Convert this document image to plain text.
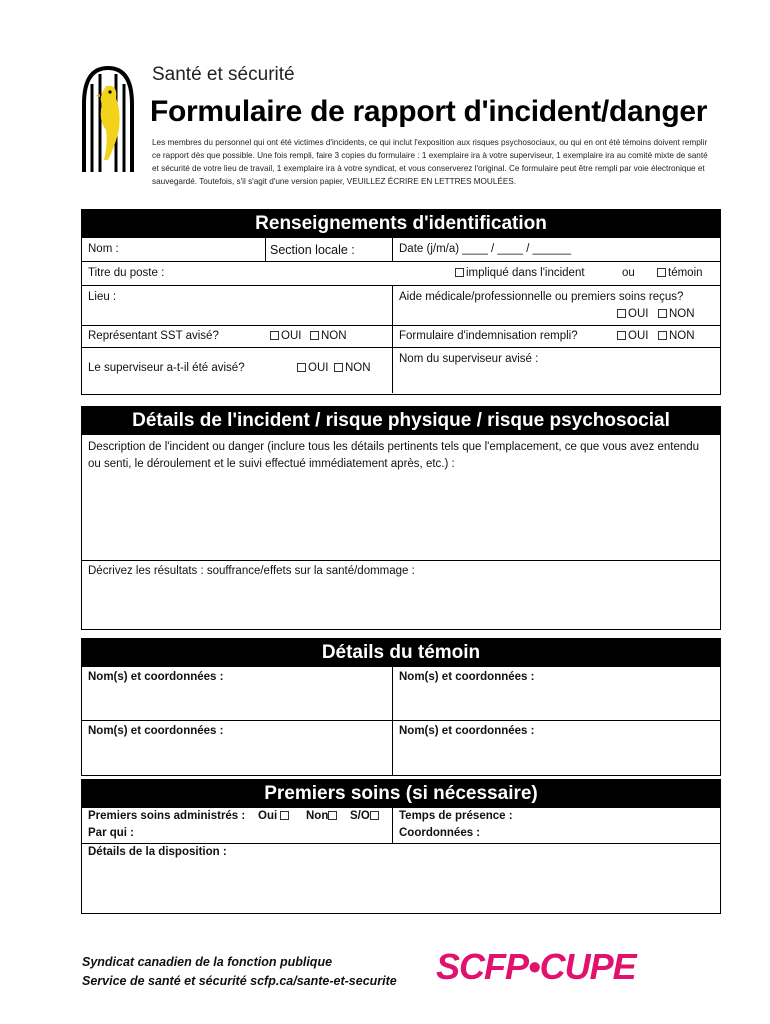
Santé et sécurité
Formulaire de rapport d'incident/danger
Les membres du personnel qui ont été victimes d'incidents, ce qui inclut l'exposition aux risques psychosociaux, ou qui en ont été témoins doivent remplir ce rapport dès que possible. Une fois rempli, faire 3 copies du formulaire : 1 exemplaire ira à votre superviseur, 1 exemplaire ira au comité mixte de santé et sécurité de votre lieu de travail, 1 exemplaire ira à votre syndicat, et vous conserverez l'original. Ce formulaire peut être rempli par voie électronique et sauvegardé. Toutefois, s'il s'agit d'une version papier, VEUILLEZ ÉCRIRE EN LETTRES MOULÉES.
Renseignements d'identification
Nom :	Section locale :	Date (j/m/a) ____ / ____ / ______
Titre du poste :	impliqué dans l'incident	ou	témoin
Lieu :	Aide médicale/professionnelle ou premiers soins reçus?
OUI	NON
Représentant SST avisé?	OUI	NON	Formulaire d'indemnisation rempli?	OUI	NON
Le superviseur a-t-il été avisé?	OUI	NON
Nom du superviseur avisé :
Détails de l'incident / risque physique / risque psychosocial
Description de l'incident ou danger (inclure tous les détails pertinents tels que l'emplacement, ce que vous avez entendu ou senti, le déroulement et le suivi effectué immédiatement après, etc.) :
Décrivez les résultats : souffrance/effets sur la santé/dommage :
Détails du témoin
Nom(s) et coordonnées :	Nom(s) et coordonnées :
Nom(s) et coordonnées :	Nom(s) et coordonnées :
Premiers soins (si nécessaire)
Premiers soins administrés : Oui	Non	S/O	Temps de présence :
Par qui :	Coordonnées :
Détails de la disposition :
Syndicat canadien de la fonction publique
Service de santé et sécurité scfp.ca/sante-et-securite SCFP•CUPE
